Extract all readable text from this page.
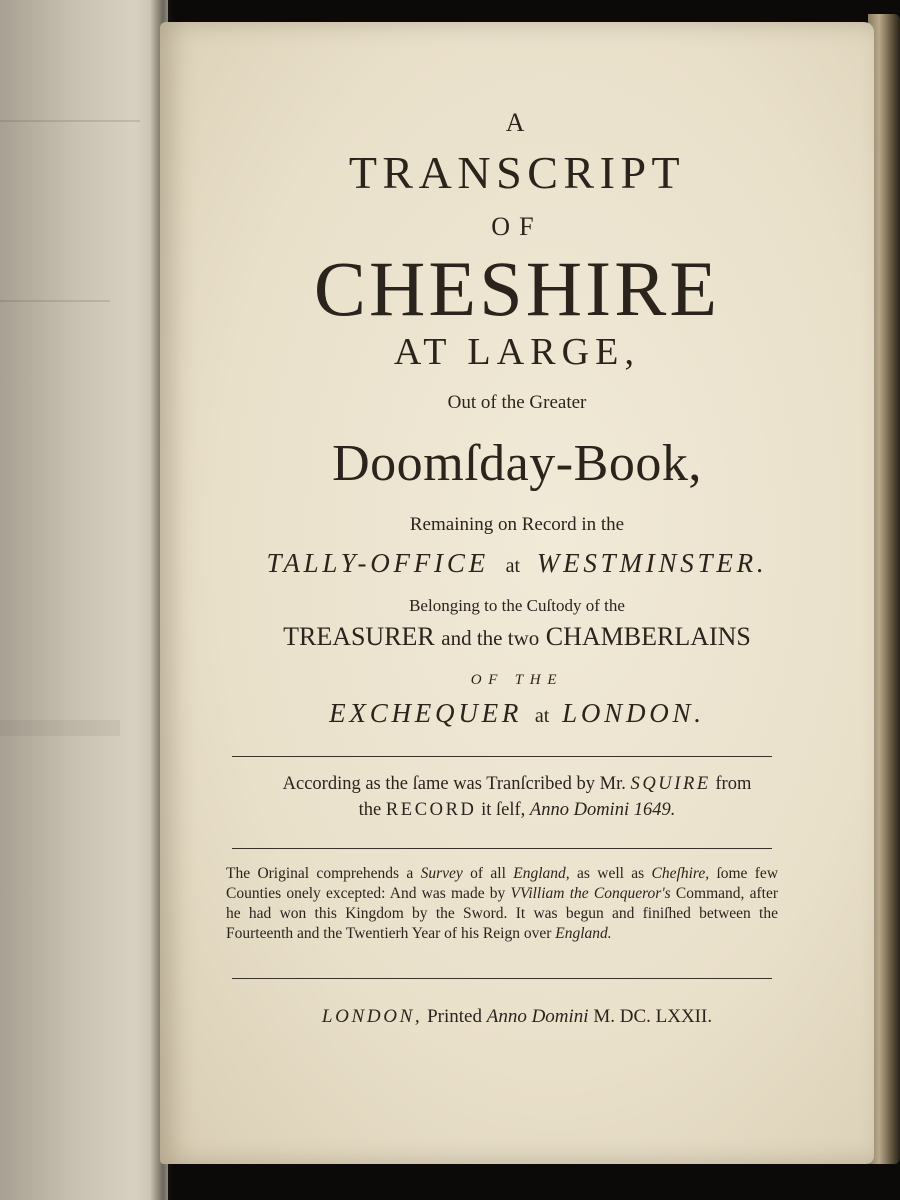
A

TRANSCRIPT

OF

CHESHIRE

AT LARGE,

Out of the Greater

Doomſday-Book,

Remaining on Record in the

TALLY-OFFICE at WESTMINSTER.

Belonging to the Cuſtody of the

TREASURER and the two CHAMBERLAINS

OF THE

EXCHEQUER at LONDON.

According as the ſame was Tranſcribed by Mr. SQUIRE from

the RECORD it ſelf, Anno Domini 1649.

The Original comprehends a Survey of all England, as well as Cheſhire, ſome few Counties onely excepted: And was made by VVilliam the Conqueror's Command, after he had won this Kingdom by the Sword. It was begun and finiſhed between the Fourteenth and the Twentierh Year of his Reign over England.

LONDON, Printed Anno Domini M. DC. LXXII.
